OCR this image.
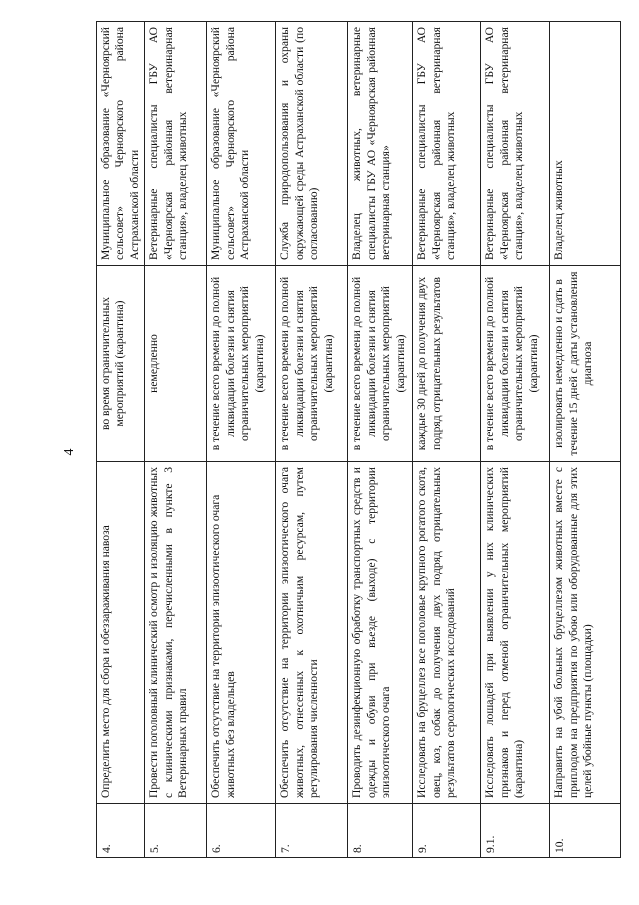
4
4.	Определить место для сбора и обеззараживания навоза	во время ограничительных мероприятий (карантина)	Муниципальное образование «Черноярский сельсовет» Черноярского района Астраханской области
5.	Провести поголовный клинический осмотр и изоляцию животных с клиническими признаками, перечисленными в пункте 3 Ветеринарных правил	немедленно	Ветеринарные специалисты ГБУ АО «Черноярская районная ветеринарная станция», владелец животных
6.	Обеспечить отсутствие на территории эпизоотического очага животных без владельцев	в течение всего времени до полной ликвидации болезни и снятия ограничительных мероприятий (карантина)	Муниципальное образование «Черноярский сельсовет» Черноярского района Астраханской области
7.	Обеспечить отсутствие на территории эпизоотического очага животных, отнесенных к охотничьим ресурсам, путем регулирования численности	в течение всего времени до полной ликвидации болезни и снятия ограничительных мероприятий (карантина)	Служба природопользования и охраны окружающей среды Астраханской области (по согласованию)
8.	Проводить дезинфекционную обработку транспортных средств и одежды и обуви при въезде (выходе) с территории эпизоотического очага	в течение всего времени до полной ликвидации болезни и снятия ограничительных мероприятий (карантина)	Владелец животных, ветеринарные специалисты ГБУ АО «Черноярская районная ветеринарная станция»
9.	Исследовать на бруцеллез все поголовье крупного рогатого скота, овец, коз, собак до получения двух подряд отрицательных результатов серологических исследований	каждые 30 дней до получения двух подряд отрицательных результатов	Ветеринарные специалисты ГБУ АО «Черноярская районная ветеринарная станция», владелец животных
9.1.	Исследовать лошадей при выявлении у них клинических признаков и перед отменой ограничительных мероприятий (карантина)	в течение всего времени до полной ликвидации болезни и снятия ограничительных мероприятий (карантина)	Ветеринарные специалисты ГБУ АО «Черноярская районная ветеринарная станция», владелец животных
10.	Направить на убой больных бруцеллезом животных вместе с приплодом на предприятия по убою или оборудованные для этих целей убойные пункты (площадки)	изолировать немедленно и сдать в течение 15 дней с даты установления диагноза	Владелец животных
